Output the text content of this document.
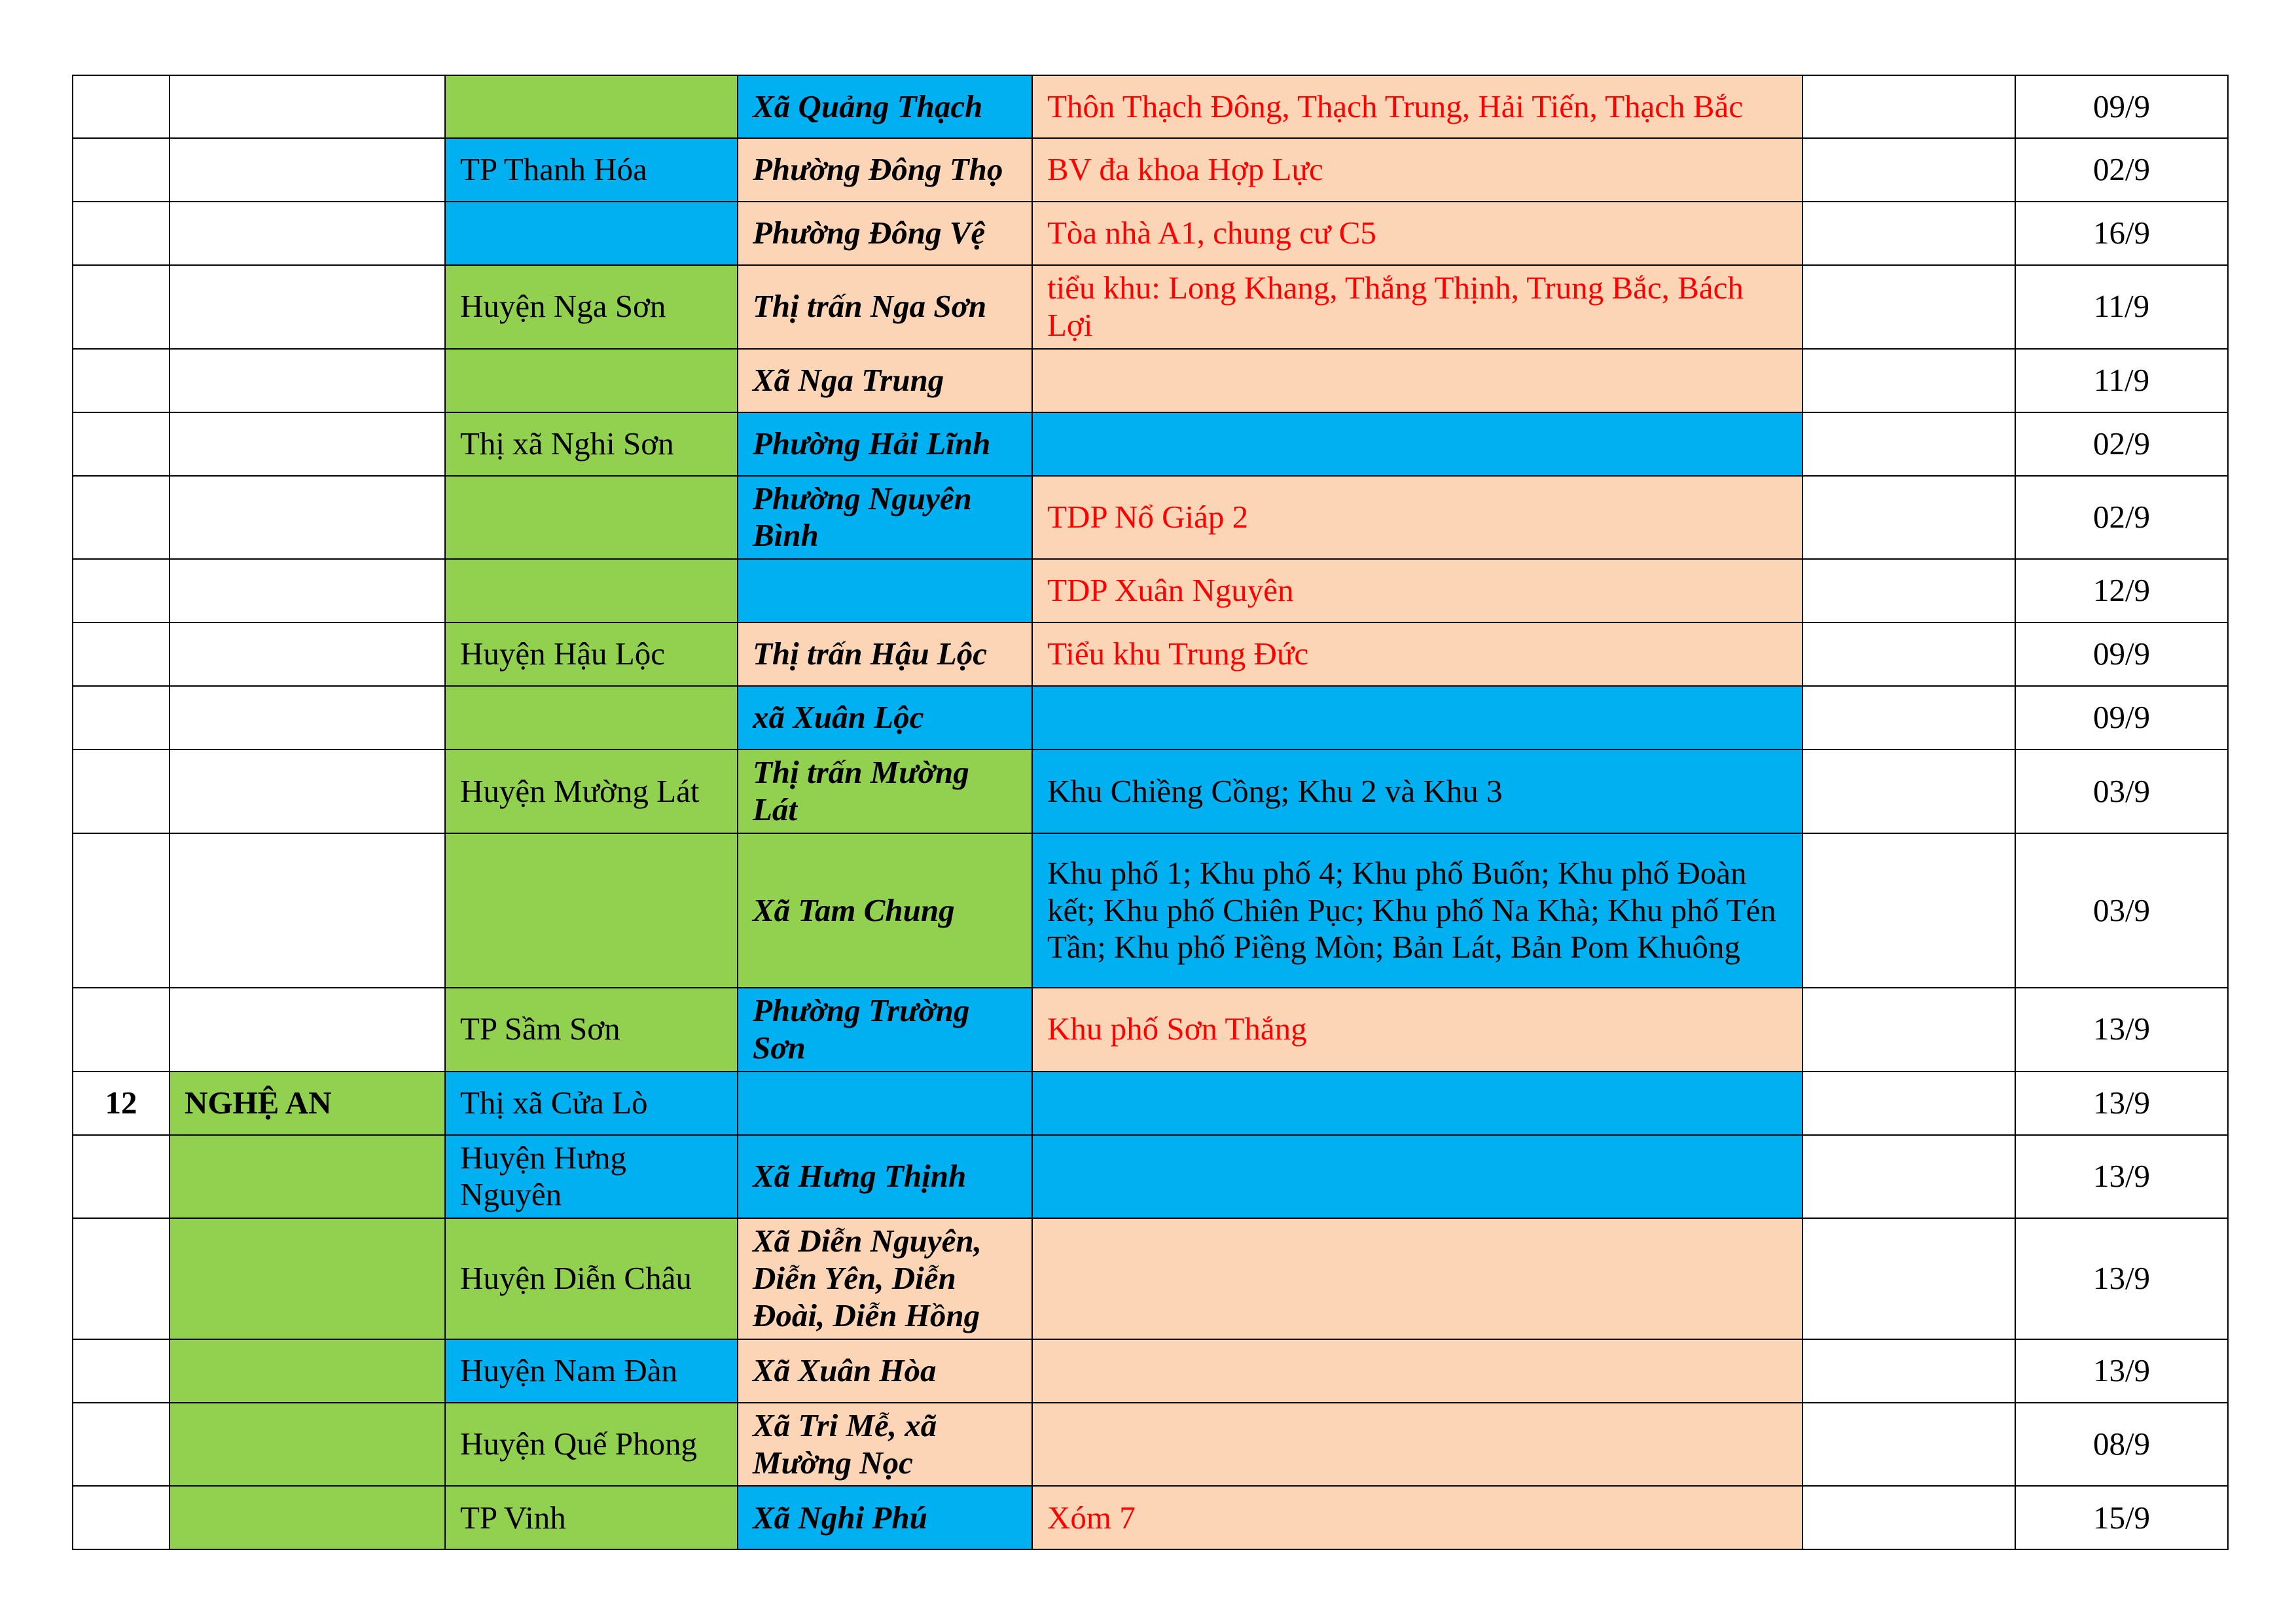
			Xã Quảng Thạch	Thôn Thạch Đông, Thạch Trung, Hải Tiến, Thạch Bắc		09/9
		TP Thanh Hóa	Phường Đông Thọ	BV đa khoa Hợp Lực		02/9
			Phường Đông Vệ	Tòa nhà A1, chung cư C5		16/9
		Huyện Nga Sơn	Thị trấn Nga Sơn	tiểu khu: Long Khang, Thắng Thịnh, Trung Bắc, Bách Lợi		11/9
			Xã Nga Trung			11/9
		Thị xã Nghi Sơn	Phường Hải Lĩnh			02/9
			Phường Nguyên Bình	TDP Nổ Giáp 2		02/9
				TDP Xuân Nguyên		12/9
		Huyện Hậu Lộc	Thị trấn Hậu Lộc	Tiểu khu Trung Đức		09/9
			xã Xuân Lộc			09/9
		Huyện Mường Lát	Thị trấn Mường Lát	Khu Chiềng Cồng; Khu 2 và Khu 3		03/9
			Xã Tam Chung	Khu phố 1; Khu phố 4; Khu phố Buốn; Khu phố Đoàn kết; Khu phố Chiên Pục; Khu phố Na Khà; Khu phố Tén Tần; Khu phố Piềng Mòn; Bản Lát, Bản Pom Khuông		03/9
		TP Sầm Sơn	Phường Trường Sơn	Khu phố Sơn Thắng		13/9
12	NGHỆ AN	Thị xã Cửa Lò				13/9
		Huyện Hưng Nguyên	Xã Hưng Thịnh			13/9
		Huyện Diễn Châu	Xã Diễn Nguyên, Diễn Yên, Diễn Đoài, Diễn Hồng			13/9
		Huyện Nam Đàn	Xã Xuân Hòa			13/9
		Huyện Quế Phong	Xã Tri Mễ, xã Mường Nọc			08/9
		TP Vinh	Xã Nghi Phú	Xóm 7		15/9
